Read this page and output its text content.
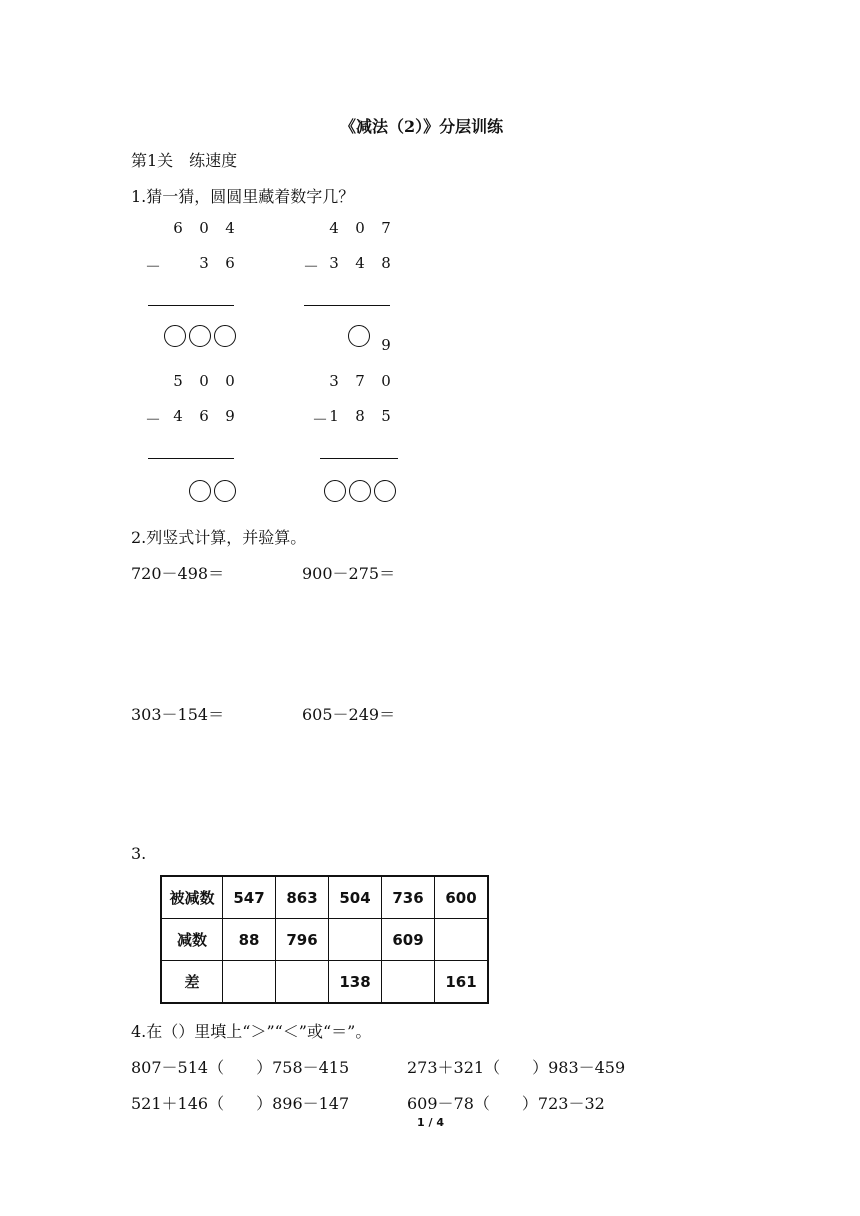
《减法（2）》分层训练
第1关　练速度
1.猜一猜，圆圆里藏着数字几？
6 0 4
－	3 6
4 0 7
－ 3 4 8
9
5 0 0
－ 4 6 9
3 7 0
－ 1 8 5
2.列竖式计算，并验算。
720－498＝	900－275＝
303－154＝	605－249＝
3.
被减数	547	863	504	736	600
减数	88	796		609	
差			138		161
4.在（）里填上“＞”“＜”或“＝”。
807－514（　　）758－415	273＋321（　　）983－459
521＋146（　　）896－147	609－78（　　）723－32
1 / 4
